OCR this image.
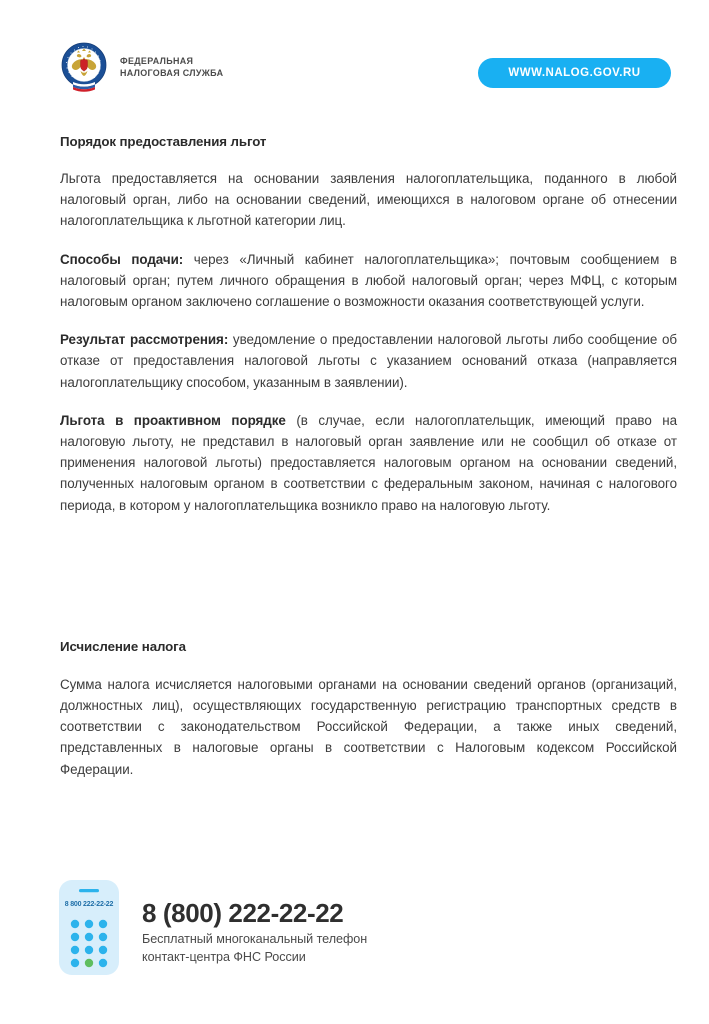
ФЕДЕРАЛЬНАЯ
НАЛОГОВАЯ СЛУЖБА	WWW.NALOG.GOV.RU
Порядок предоставления льгот

Льгота предоставляется на основании заявления налогоплательщика, поданного в любой налоговый орган, либо на основании сведений, имеющихся в налоговом органе об отнесении налогоплательщика к льготной категории лиц.

Способы подачи: через «Личный кабинет налогоплательщика»; почтовым сообщением в налоговый орган; путем личного обращения в любой налоговый орган; через МФЦ, с которым налоговым органом заключено соглашение о возможности оказания соответствующей услуги.

Результат рассмотрения: уведомление о предоставлении налоговой льготы либо сообщение об отказе от предоставления налоговой льготы с указанием оснований отказа (направляется налогоплательщику способом, указанным в заявлении).

Льгота в проактивном порядке (в случае, если налогоплательщик, имеющий право на налоговую льготу, не представил в налоговый орган заявление или не сообщил об отказе от применения налоговой льготы) предоставляется налоговым органом на основании сведений, полученных налоговым органом в соответствии с федеральным законом, начиная с налогового периода, в котором у налогоплательщика возникло право на налоговую льготу.

Исчисление налога

Сумма налога исчисляется налоговыми органами на основании сведений органов (организаций, должностных лиц), осуществляющих государственную регистрацию транспортных средств в соответствии с законодательством Российской Федерации, а также иных сведений, представленных в налоговые органы в соответствии с Налоговым кодексом Российской Федерации.

8 800 222-22-22 8 (800) 222-22-22

Бесплатный многоканальный телефон
контакт-центра ФНС России
